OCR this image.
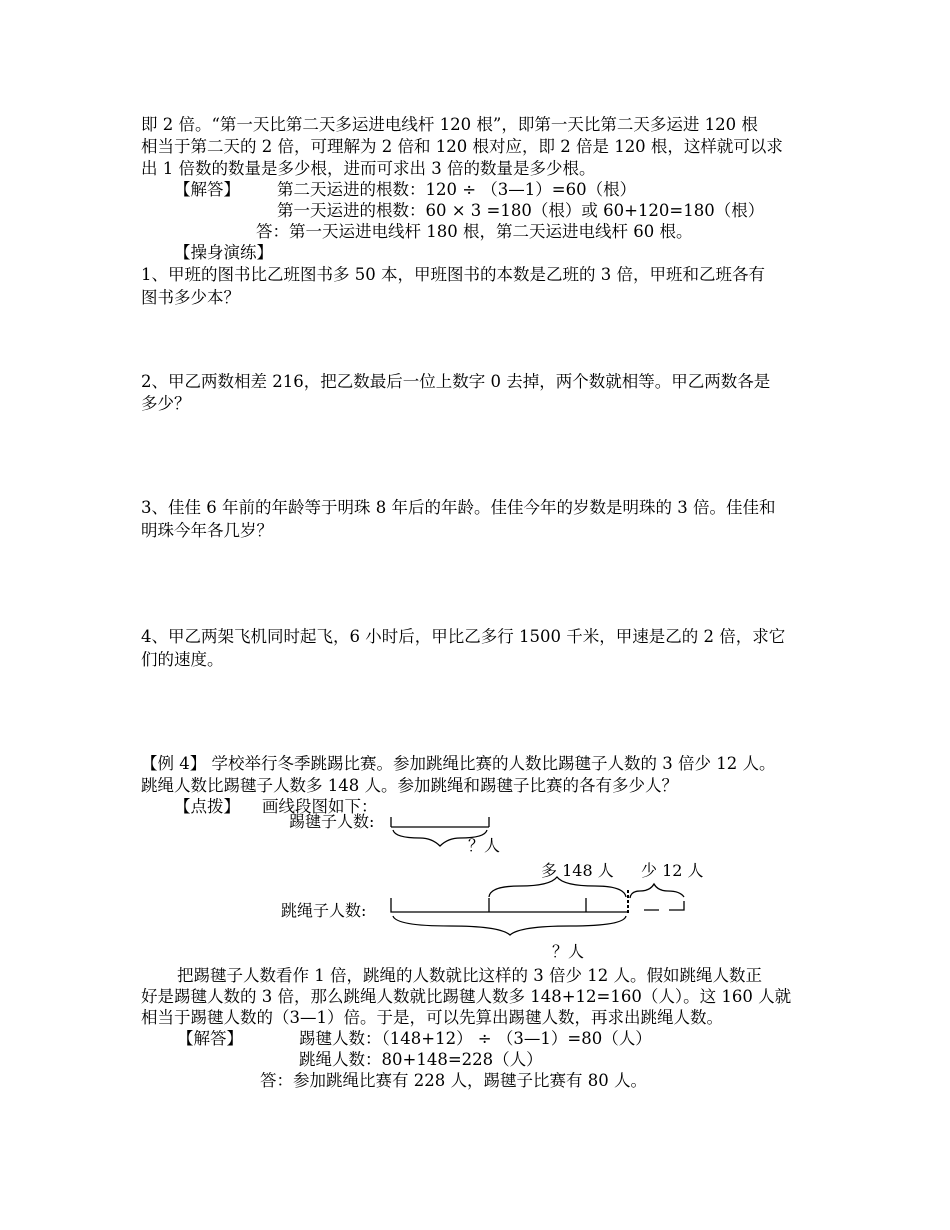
即 2 倍。“第一天比第二天多运进电线杆 120 根”，即第一天比第二天多运进 120 根
相当于第二天的 2 倍，可理解为 2 倍和 120 根对应，即 2 倍是 120 根，这样就可以求
出 1 倍数的数量是多少根，进而可求出 3 倍的数量是多少根。
【解答】 第二天运进的根数：120 ÷ （3—1）=60（根）
第一天运进的根数：60 × 3 =180（根）或 60+120=180（根）
答：第一天运进电线杆 180 根，第二天运进电线杆 60 根。
【操身演练】
1、甲班的图书比乙班图书多 50 本，甲班图书的本数是乙班的 3 倍，甲班和乙班各有
图书多少本？
2、甲乙两数相差 216，把乙数最后一位上数字 0 去掉，两个数就相等。甲乙两数各是
多少？
3、佳佳 6 年前的年龄等于明珠 8 年后的年龄。佳佳今年的岁数是明珠的 3 倍。佳佳和
明珠今年各几岁？
4、甲乙两架飞机同时起飞，6 小时后，甲比乙多行 1500 千米，甲速是乙的 2 倍，求它
们的速度。
【例 4】 学校举行冬季跳踢比赛。参加跳绳比赛的人数比踢毽子人数的 3 倍少 12 人。
跳绳人数比踢毽子人数多 148 人。参加跳绳和踢毽子比赛的各有多少人？
【点拨】 画线段图如下：
踢毽子人数:
？人
多 148 人 少 12 人
跳绳子人数:
？人
把踢毽子人数看作 1 倍，跳绳的人数就比这样的 3 倍少 12 人。假如跳绳人数正
好是踢毽人数的 3 倍，那么跳绳人数就比踢毽人数多 148+12=160（人）。这 160 人就
相当于踢毽人数的（3—1）倍。于是，可以先算出踢毽人数，再求出跳绳人数。
【解答】	踢毽人数：（148+12） ÷ （3—1）=80（人）
跳绳人数：80+148=228（人）
答：参加跳绳比赛有 228 人，踢毽子比赛有 80 人。
